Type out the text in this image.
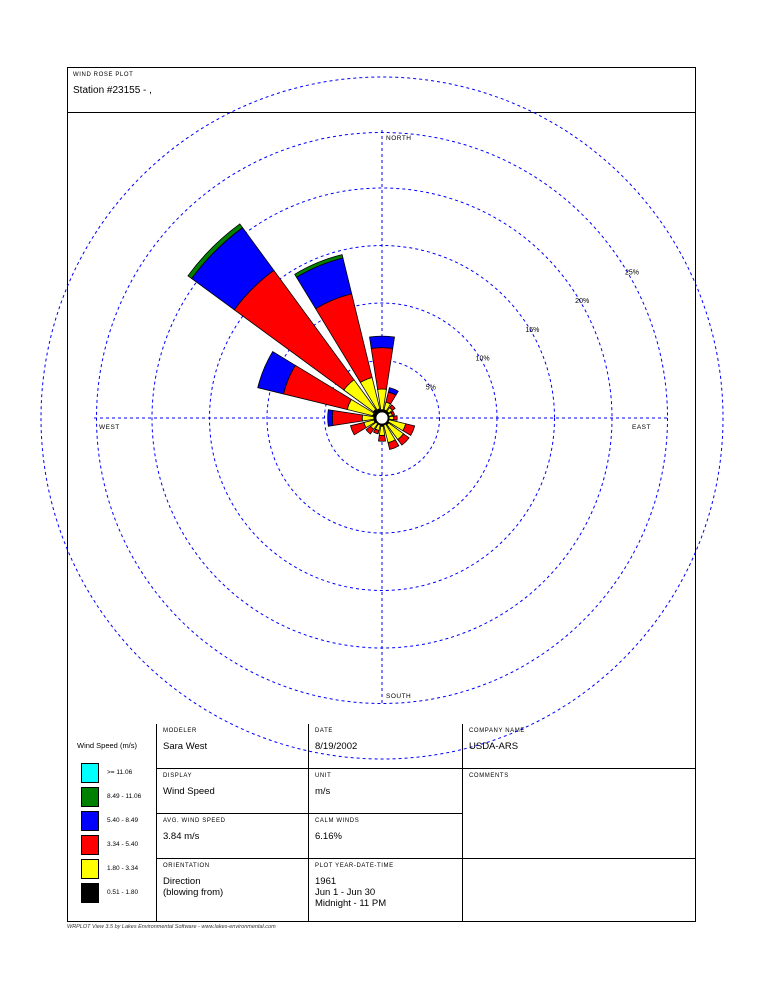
WIND ROSE PLOT
Station #23155 - ,
5%
10%
15%
20%
25%
NORTH
SOUTH
WEST	EAST
Wind Speed (m/s)
>= 11.06
8.49 - 11.06
5.40 - 8.49
3.34 - 5.40
1.80 - 3.34
0.51 - 1.80
MODELER
Sara West
DATE
8/19/2002
COMPANY NAME
USDA-ARS
DISPLAY
Wind Speed
UNIT
m/s
COMMENTS
AVG. WIND SPEED
3.84 m/s
CALM WINDS
6.16%
ORIENTATION
Direction
(blowing from)
PLOT YEAR-DATE-TIME
1961
Jun 1 - Jun 30
Midnight - 11 PM
WRPLOT View 3.5 by Lakes Environmental Software - www.lakes-environmental.com
